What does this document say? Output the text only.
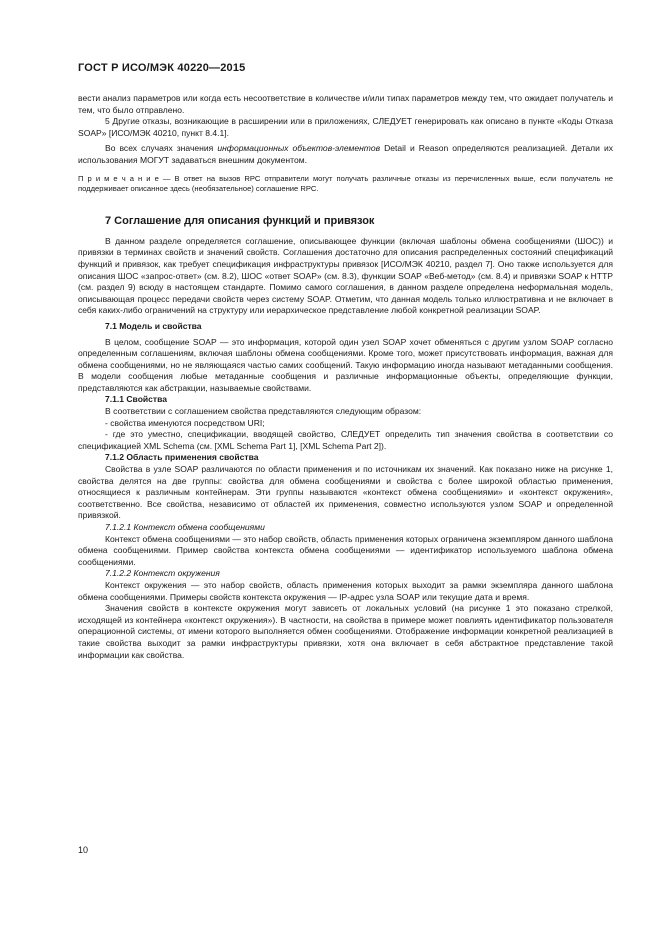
ГОСТ Р ИСО/МЭК 40220—2015

вести анализ параметров или когда есть несоответствие в количестве и/или типах параметров между тем, что ожидает получатель и тем, что было отправлено.

5 Другие отказы, возникающие в расширении или в приложениях, СЛЕДУЕТ генерировать как описано в пункте «Коды Отказа SOAP» [ИСО/МЭК 40210, пункт 8.4.1].

Во всех случаях значения информационных объектов-элементов Detail и Reason определяются реализацией. Детали их использования МОГУТ задаваться внешним документом.

П р и м е ч а н и е — В ответ на вызов RPC отправители могут получать различные отказы из перечисленных выше, если получатель не поддерживает описанное здесь (необязательное) соглашение RPC.

7 Соглашение для описания функций и привязок

В данном разделе определяется соглашение, описывающее функции (включая шаблоны обмена сообщениями (ШОС)) и привязки в терминах свойств и значений свойств. Соглашения достаточно для описания распределенных состояний спецификаций функций и привязок, как требует спецификация инфраструктуры привязок [ИСО/МЭК 40210, раздел 7]. Оно также используется для описания ШОС «запрос-ответ» (см. 8.2), ШОС «ответ SOAP» (см. 8.3), функции SOAP «Веб-метод» (см. 8.4) и привязки SOAP к HTTP (см. раздел 9) всюду в настоящем стандарте. Помимо самого соглашения, в данном разделе определена неформальная модель, описывающая процесс передачи свойств через систему SOAP. Отметим, что данная модель только иллюстративна и не включает в себя каких-либо ограничений на структуру или иерархическое представление любой конкретной реализации SOAP.

7.1 Модель и свойства

В целом, сообщение SOAP — это информация, которой один узел SOAP хочет обменяться с другим узлом SOAP согласно определенным соглашениям, включая шаблоны обмена сообщениями. Кроме того, может присутствовать информация, важная для обмена сообщениями, но не являющаяся частью самих сообщений. Такую информацию иногда называют метаданными сообщения. В модели сообщения любые метаданные сообщения и различные информационные объекты, определяющие функции, представляются как абстракции, называемые свойствами.

7.1.1 Свойства

В соответствии с соглашением свойства представляются следующим образом:

- свойства именуются посредством URI;

- где это уместно, спецификации, вводящей свойство, СЛЕДУЕТ определить тип значения свойства в соответствии со спецификацией XML Schema (см. [XML Schema Part 1], [XML Schema Part 2]).

7.1.2 Область применения свойства

Свойства в узле SOAP различаются по области применения и по источникам их значений. Как показано ниже на рисунке 1, свойства делятся на две группы: свойства для обмена сообщениями и свойства с более широкой областью применения, относящиеся к различным контейнерам. Эти группы называются «контекст обмена сообщениями» и «контекст окружения», соответственно. Все свойства, независимо от областей их применения, совместно используются узлом SOAP и определенной привязкой.

7.1.2.1 Контекст обмена сообщениями

Контекст обмена сообщениями — это набор свойств, область применения которых ограничена экземпляром данного шаблона обмена сообщениями. Пример свойства контекста обмена сообщениями — идентификатор используемого шаблона обмена сообщениями.

7.1.2.2 Контекст окружения

Контекст окружения — это набор свойств, область применения которых выходит за рамки экземпляра данного шаблона обмена сообщениями. Примеры свойств контекста окружения — IP-адрес узла SOAP или текущие дата и время.

Значения свойств в контексте окружения могут зависеть от локальных условий (на рисунке 1 это показано стрелкой, исходящей из контейнера «контекст окружения»). В частности, на свойства в примере может повлиять идентификатор пользователя операционной системы, от имени которого выполняется обмен сообщениями. Отображение информации конкретной реализацией в такие свойства выходит за рамки инфраструктуры привязки, хотя она включает в себя абстрактное представление такой информации как свойства.

10
